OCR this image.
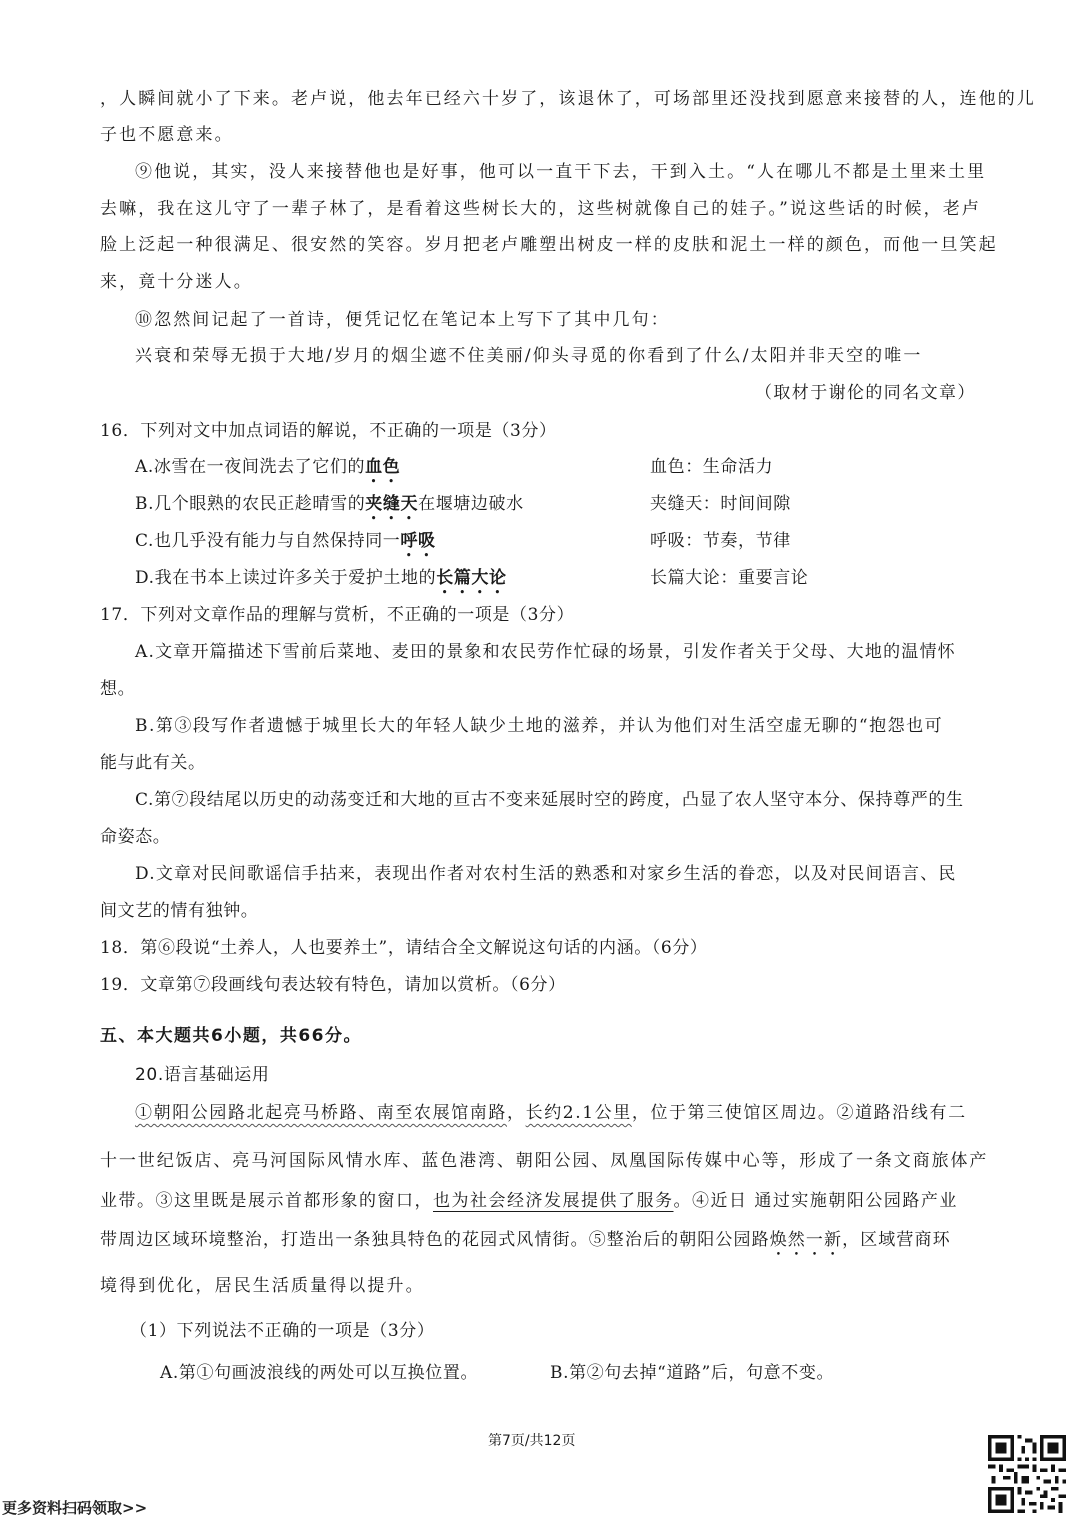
，人瞬间就小了下来。老卢说，他去年已经六十岁了，该退休了，可场部里还没找到愿意来接替的人，连他的儿
子也不愿意来。
⑨他说，其实，没人来接替他也是好事，他可以一直干下去，干到入土。“人在哪儿不都是土里来土里
去嘛，我在这儿守了一辈子林了，是看着这些树长大的，这些树就像自己的娃子。”说这些话的时候，老卢
脸上泛起一种很满足、很安然的笑容。岁月把老卢雕塑出树皮一样的皮肤和泥土一样的颜色，而他一旦笑起
来，竟十分迷人。
⑩忽然间记起了一首诗，便凭记忆在笔记本上写下了其中几句：
兴衰和荣辱无损于大地/岁月的烟尘遮不住美丽/仰头寻觅的你看到了什么/太阳并非天空的唯一
（取材于谢伦的同名文章）
16．下列对文中加点词语的解说，不正确的一项是（3分）
A.冰雪在一夜间洗去了它们的血色	血色：生命活力
B.几个眼熟的农民正趁晴雪的夹缝天在堰塘边破水	夹缝天：时间间隙
C.也几乎没有能力与自然保持同一呼吸	呼吸：节奏，节律
D.我在书本上读过许多关于爱护土地的长篇大论	长篇大论：重要言论
17．下列对文章作品的理解与赏析，不正确的一项是（3分）
A.文章开篇描述下雪前后菜地、麦田的景象和农民劳作忙碌的场景，引发作者关于父母、大地的温情怀
想。
B.第③段写作者遗憾于城里长大的年轻人缺少土地的滋养，并认为他们对生活空虚无聊的“抱怨也可
能与此有关。
C.第⑦段结尾以历史的动荡变迁和大地的亘古不变来延展时空的跨度，凸显了农人坚守本分、保持尊严的生
命姿态。
D.文章对民间歌谣信手拈来，表现出作者对农村生活的熟悉和对家乡生活的眷恋，以及对民间语言、民
间文艺的情有独钟。
18．第⑥段说“土养人，人也要养土”，请结合全文解说这句话的内涵。（6分）
19．文章第⑦段画线句表达较有特色，请加以赏析。（6分）
五、本大题共6小题，共66分。
20.语言基础运用
①朝阳公园路北起亮马桥路、南至农展馆南路，长约2.1公里，位于第三使馆区周边。②道路沿线有二
十一世纪饭店、亮马河国际风情水库、蓝色港湾、朝阳公园、凤凰国际传媒中心等，形成了一条文商旅体产
业带。③这里既是展示首都形象的窗口，也为社会经济发展提供了服务。④近日 通过实施朝阳公园路产业
带周边区域环境整治，打造出一条独具特色的花园式风情街。⑤整治后的朝阳公园路焕然一新，区域营商环
境得到优化，居民生活质量得以提升。
（1）下列说法不正确的一项是（3分）
A.第①句画波浪线的两处可以互换位置。	B.第②句去掉“道路”后，句意不变。
第7页/共12页
更多资料扫码领取>>
